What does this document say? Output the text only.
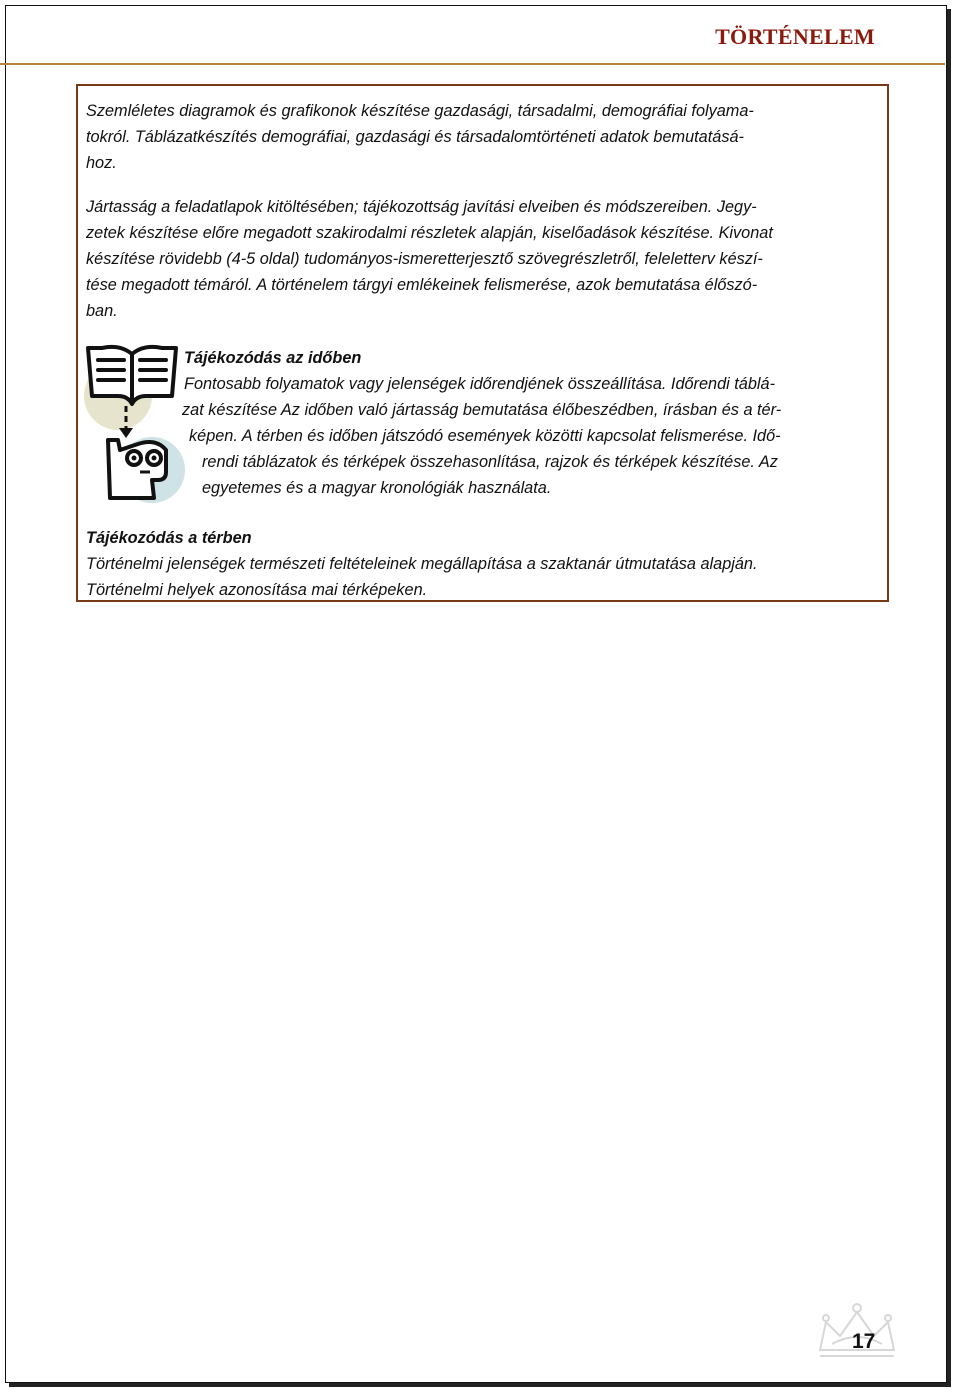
TÖRTÉNELEM
Szemléletes diagramok és grafikonok készítése gazdasági, társadalmi, demográfiai folyama-
tokról. Táblázatkészítés demográfiai, gazdasági és társadalomtörténeti adatok bemutatásá-
hoz.
Jártasság a feladatlapok kitöltésében; tájékozottság javítási elveiben és módszereiben. Jegy-
zetek készítése előre megadott szakirodalmi részletek alapján, kiselőadások készítése. Kivonat
készítése rövidebb (4-5 oldal) tudományos-ismeretterjesztő szövegrészletről, feleletterv készí-
tése megadott témáról. A történelem tárgyi emlékeinek felismerése, azok bemutatása élőszó-
ban.
Tájékozódás az időben
Fontosabb folyamatok vagy jelenségek időrendjének összeállítása. Időrendi táblá-
zat készítése Az időben való jártasság bemutatása élőbeszédben, írásban és a tér-
képen. A térben és időben játszódó események közötti kapcsolat felismerése. Idő-
rendi táblázatok és térképek összehasonlítása, rajzok és térképek készítése. Az
egyetemes és a magyar kronológiák használata.
Tájékozódás a térben
Történelmi jelenségek természeti feltételeinek megállapítása a szaktanár útmutatása alapján.
Történelmi helyek azonosítása mai térképeken.
17
